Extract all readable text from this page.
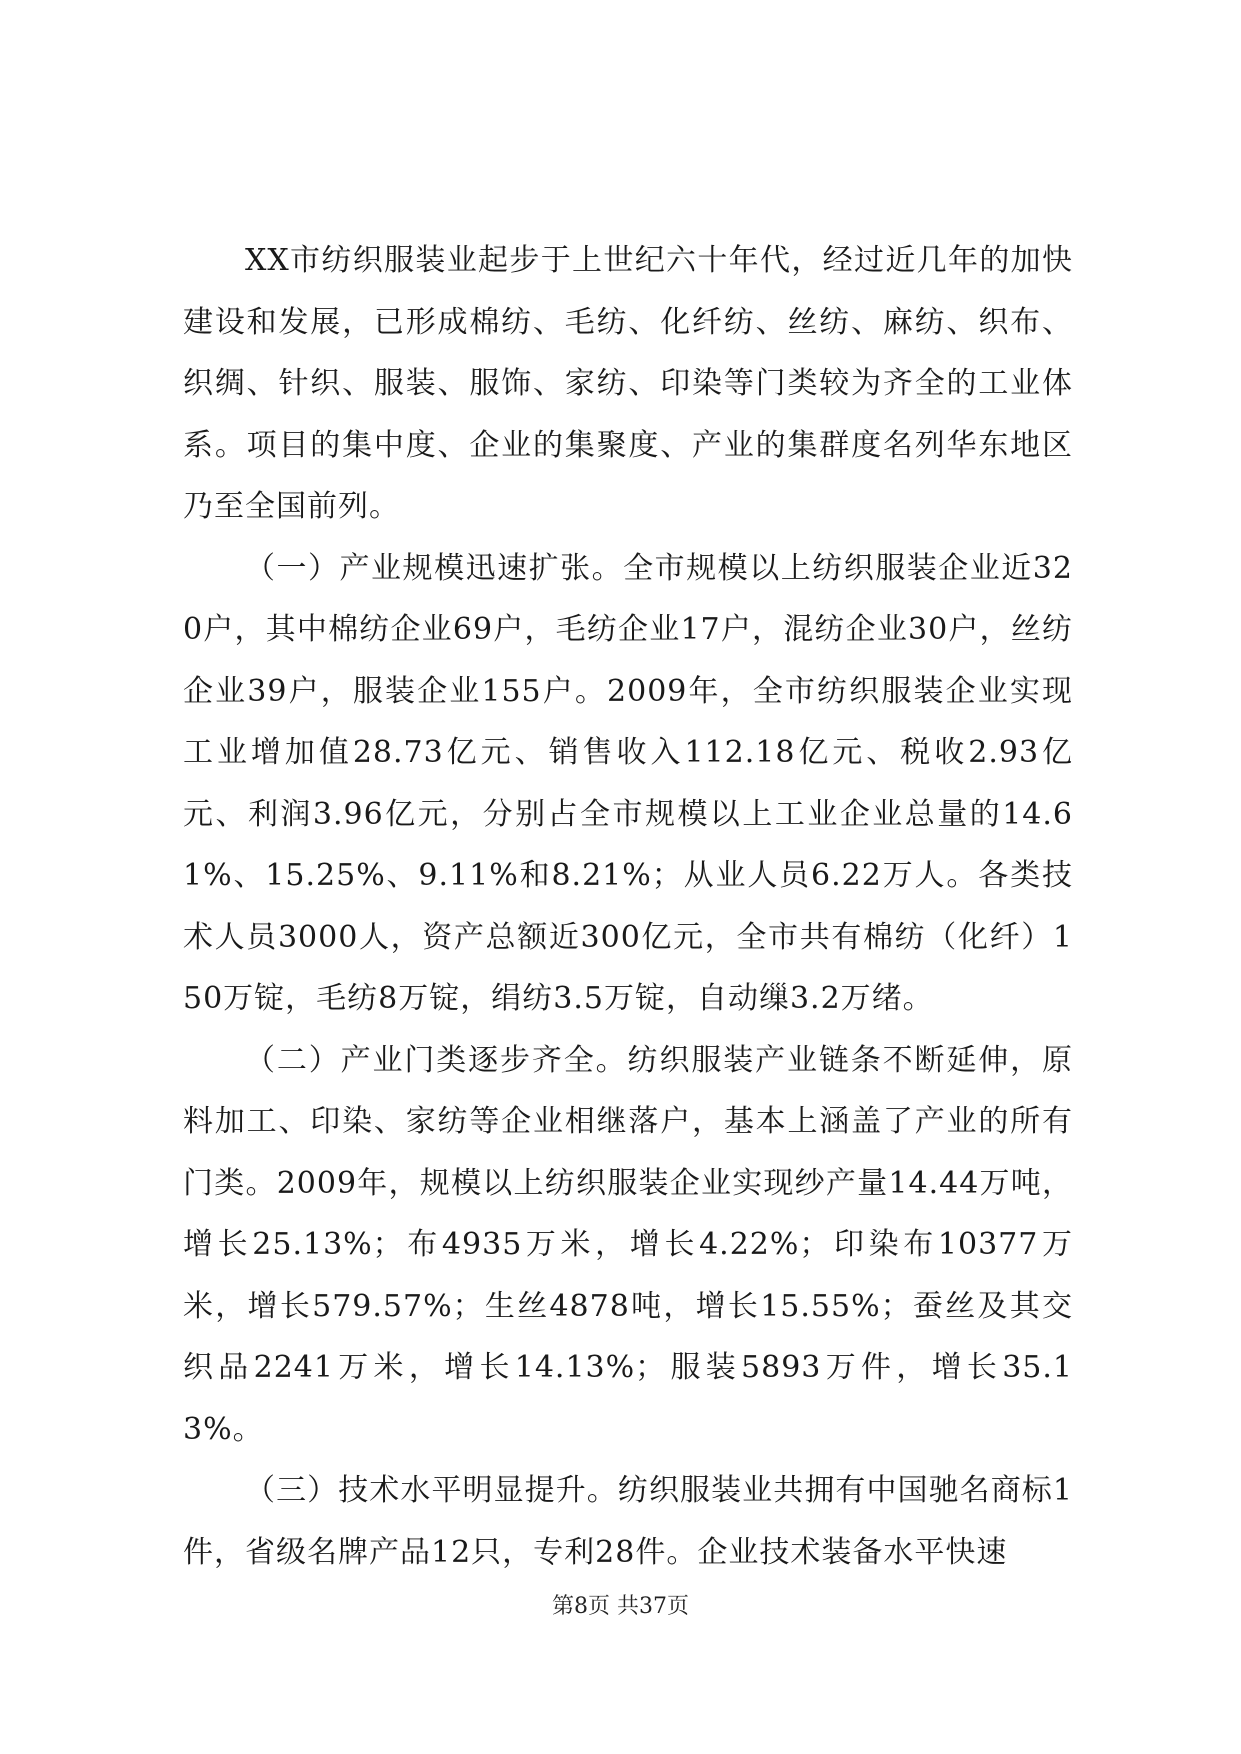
XX市纺织服装业起步于上世纪六十年代，经过近几年的加快建设和发展，已形成棉纺、毛纺、化纤纺、丝纺、麻纺、织布、织绸、针织、服装、服饰、家纺、印染等门类较为齐全的工业体系。项目的集中度、企业的集聚度、产业的集群度名列华东地区乃至全国前列。

（一）产业规模迅速扩张。全市规模以上纺织服装企业近320户，其中棉纺企业69户，毛纺企业17户，混纺企业30户，丝纺企业39户，服装企业155户。2009年，全市纺织服装企业实现工业增加值28.73亿元、销售收入112.18亿元、税收2.93亿元、利润3.96亿元，分别占全市规模以上工业企业总量的14.61%、15.25%、9.11%和8.21%；从业人员6.22万人。各类技术人员3000人，资产总额近300亿元，全市共有棉纺（化纤）150万锭，毛纺8万锭，绢纺3.5万锭，自动缫3.2万绪。

（二）产业门类逐步齐全。纺织服装产业链条不断延伸，原料加工、印染、家纺等企业相继落户，基本上涵盖了产业的所有门类。2009年，规模以上纺织服装企业实现纱产量14.44万吨，增长25.13%；布4935万米，增长4.22%；印染布10377万米，增长579.57%；生丝4878吨，增长15.55%；蚕丝及其交织品2241万米，增长14.13%；服装5893万件，增长35.13%。

（三）技术水平明显提升。纺织服装业共拥有中国驰名商标1件，省级名牌产品12只，专利28件。企业技术装备水平快速

第8页 共37页
